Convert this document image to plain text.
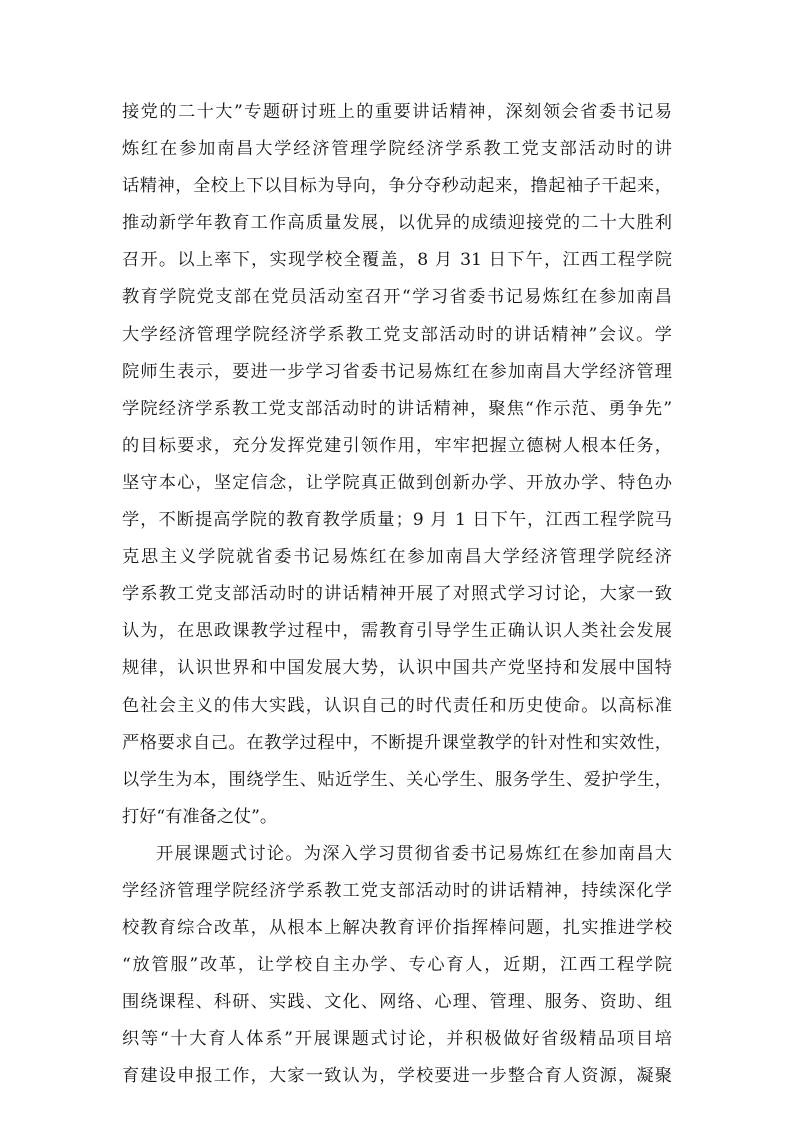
接党的二十大”专题研讨班上的重要讲话精神，深刻领会省委书记易
炼红在参加南昌大学经济管理学院经济学系教工党支部活动时的讲
话精神，全校上下以目标为导向，争分夺秒动起来，撸起袖子干起来，
推动新学年教育工作高质量发展，以优异的成绩迎接党的二十大胜利
召开。以上率下，实现学校全覆盖，8 月 31 日下午，江西工程学院
教育学院党支部在党员活动室召开“学习省委书记易炼红在参加南昌
大学经济管理学院经济学系教工党支部活动时的讲话精神”会议。学
院师生表示，要进一步学习省委书记易炼红在参加南昌大学经济管理
学院经济学系教工党支部活动时的讲话精神，聚焦“作示范、勇争先”
的目标要求，充分发挥党建引领作用，牢牢把握立德树人根本任务，
坚守本心，坚定信念，让学院真正做到创新办学、开放办学、特色办
学，不断提高学院的教育教学质量；9 月 1 日下午，江西工程学院马
克思主义学院就省委书记易炼红在参加南昌大学经济管理学院经济
学系教工党支部活动时的讲话精神开展了对照式学习讨论，大家一致
认为，在思政课教学过程中，需教育引导学生正确认识人类社会发展
规律，认识世界和中国发展大势，认识中国共产党坚持和发展中国特
色社会主义的伟大实践，认识自己的时代责任和历史使命。以高标准
严格要求自己。在教学过程中，不断提升课堂教学的针对性和实效性，
以学生为本，围绕学生、贴近学生、关心学生、服务学生、爱护学生，
打好“有准备之仗”。
开展课题式讨论。为深入学习贯彻省委书记易炼红在参加南昌大
学经济管理学院经济学系教工党支部活动时的讲话精神，持续深化学
校教育综合改革，从根本上解决教育评价指挥棒问题，扎实推进学校
“放管服”改革，让学校自主办学、专心育人，近期，江西工程学院
围绕课程、科研、实践、文化、网络、心理、管理、服务、资助、组
织等“十大育人体系”开展课题式讨论，并积极做好省级精品项目培
育建设申报工作，大家一致认为，学校要进一步整合育人资源，凝聚
